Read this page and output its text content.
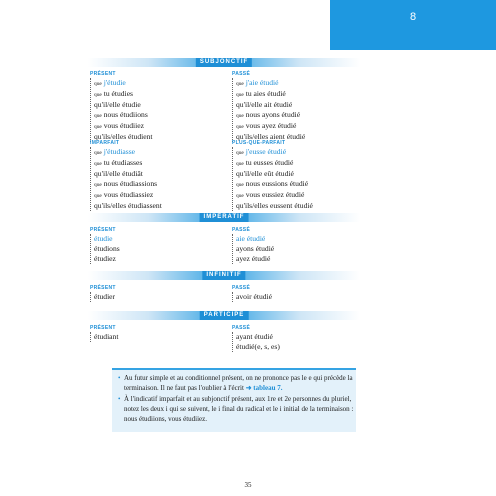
8
SUBJONCTIF
PRÉSENT
que j'étudie
que tu étudies
qu'il/elle étudie
que nous étudiions
que vous étudiiez
qu'ils/elles étudient
PASSÉ
que j'aie étudié
que tu aies étudié
qu'il/elle ait étudié
que nous ayons étudié
que vous ayez étudié
qu'ils/elles aient étudié
IMPARFAIT
que j'étudiasse
que tu étudiasses
qu'il/elle étudiât
que nous étudiassions
que vous étudiassiez
qu'ils/elles étudiassent
PLUS-QUE-PARFAIT
que j'eusse étudié
que tu eusses étudié
qu'il/elle eût étudié
que nous eussions étudié
que vous eussiez étudié
qu'ils/elles eussent étudié
IMPÉRATIF
PRÉSENT
étudie
étudions
étudiez
PASSÉ
aie étudié
ayons étudié
ayez étudié
INFINITIF
PRÉSENT
étudier
PASSÉ
avoir étudié
PARTICIPE
PRÉSENT
étudiant
PASSÉ
ayant étudié
étudié(e, s, es)
• Au futur simple et au conditionnel présent, on ne prononce pas le e qui précède la terminaison. Il ne faut pas l'oublier à l'écrit ➜ tableau 7.
• À l'indicatif imparfait et au subjonctif présent, aux 1re et 2e personnes du pluriel, notez les deux i qui se suivent, le i final du radical et le i initial de la terminaison : nous étudiions, vous étudiiez.
35
